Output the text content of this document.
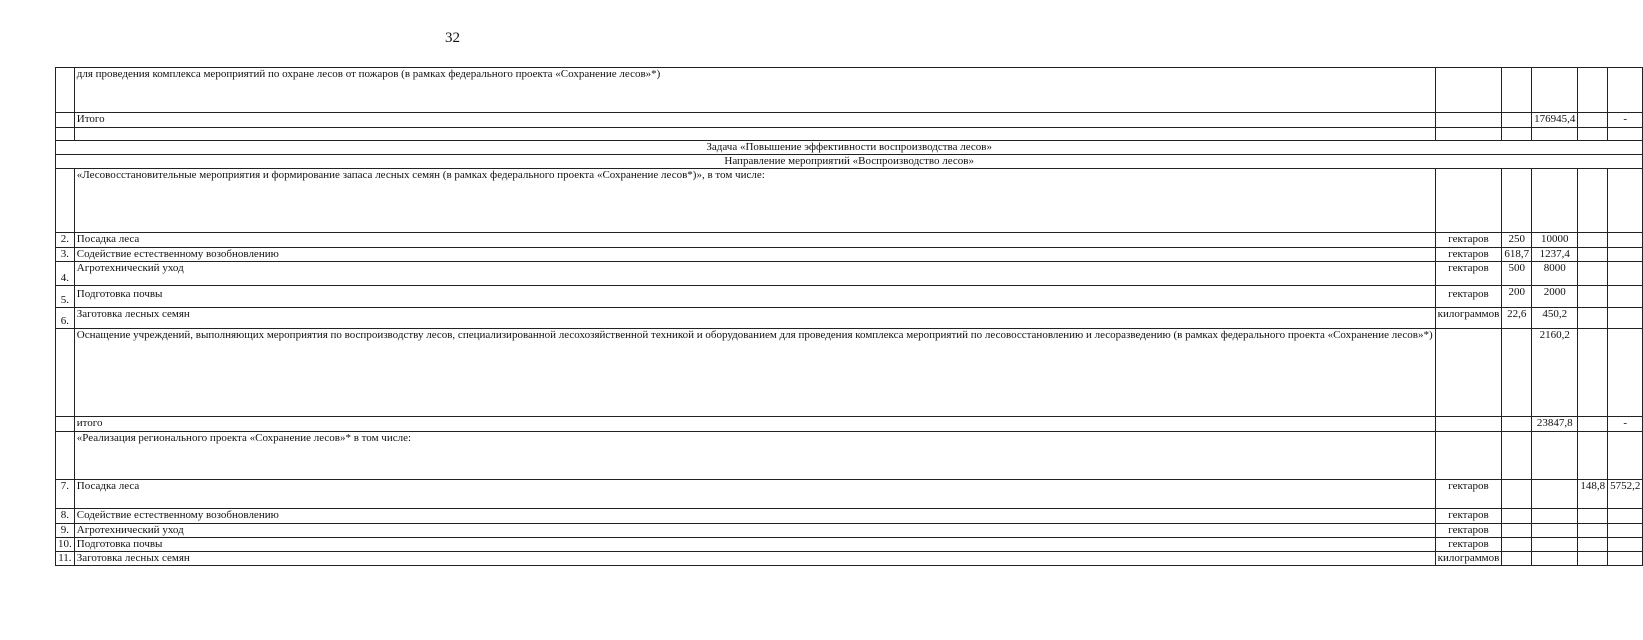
32
	для проведения комплекса мероприятий по охране лесов от пожаров (в рамках федерального проекта «Сохранение лесов»*)					
	Итого			176945,4		-

Задача «Повышение эффективности воспроизводства лесов»						
Направление мероприятий «Воспроизводство лесов»						
	«Лесовосстановительные мероприятия и формирование запаса лесных семян (в рамках федерального проекта «Сохранение лесов*)», в том числе:					
2.	Посадка леса	гектаров	250	10000		
3.	Содействие естественному возобновлению	гектаров	618,7	1237,4		
4.	Агротехнический уход	гектаров	500	8000		
5.	Подготовка почвы	гектаров	200	2000		
6.	Заготовка лесных семян	килограммов	22,6	450,2		
	Оснащение учреждений, выполняющих мероприятия по воспроизводству лесов, специализированной лесохозяйственной техникой и оборудованием для проведения комплекса мероприятий по лесовосстановлению и лесоразведению (в рамках федерального проекта «Сохранение лесов»*)			2160,2		
	итого			23847,8		-
	«Реализация регионального проекта «Сохранение лесов»* в том числе:					
7.	Посадка леса	гектаров			148,8	5752,2
8.	Содействие естественному возобновлению	гектаров				
9.	Агротехнический уход	гектаров				
10.	Подготовка почвы	гектаров				
11.	Заготовка лесных семян	килограммов				
